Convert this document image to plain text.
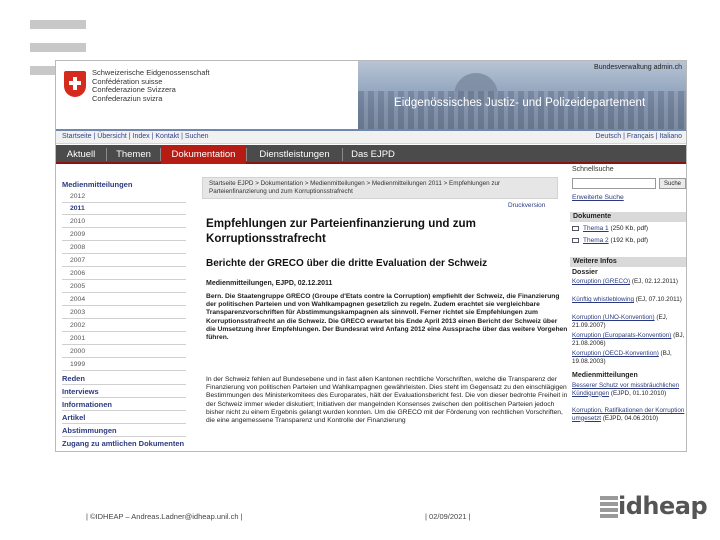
Schweizerische Eidgenossenschaft
Confédération suisse
Confederazione Svizzera
Confederaziun svizra
Bundesverwaltung admin.ch
Eidgenössisches Justiz- und Polizeidepartement
Startseite | Übersicht | Index | Kontakt | Suchen	Deutsch | Français | Italiano
Aktuell	Themen	Dokumentation	Dienstleistungen	Das EJPD
Medienmitteilungen
2012
2011
2010
2009
2008
2007
2006
2005
2004
2003
2002
2001
2000
1999
Reden
Interviews
Informationen
Artikel
Abstimmungen
Zugang zu amtlichen Dokumenten
Startseite EJPD > Dokumentation > Medienmitteilungen > Medienmitteilungen 2011 > Empfehlungen zur Parteienfinanzierung und zum Korruptionsstrafrecht
Druckversion
Empfehlungen zur Parteienfinanzierung und zum Korruptionsstrafrecht
Berichte der GRECO über die dritte Evaluation der Schweiz
Medienmitteilungen, EJPD, 02.12.2011
Bern. Die Staatengruppe GRECO (Groupe d'Etats contre la Corruption) empfiehlt der Schweiz, die Finanzierung der politischen Parteien und von Wahlkampagnen gesetzlich zu regeln. Zudem erachtet sie vergleichbare Transparenzvorschriften für Abstimmungskampagnen als sinnvoll. Ferner richtet sie Empfehlungen zum Korruptionsstrafrecht an die Schweiz. Die GRECO erwartet bis Ende April 2013 einen Bericht der Schweiz über die Umsetzung ihrer Empfehlungen. Der Bundesrat wird Anfang 2012 eine Aussprache über das weitere Vorgehen führen.
In der Schweiz fehlen auf Bundesebene und in fast allen Kantonen rechtliche Vorschriften, welche die Transparenz der Finanzierung von politischen Parteien und Wahlkampagnen gewährleisten. Dies steht im Gegensatz zu den einschlägigen Bestimmungen des Ministerkomitees des Europarates, hält der Evaluationsbericht fest. Die von dieser bedrohte Freiheit in der Schweiz immer wieder diskutiert; Initiativen der mangelnden Konsenses zwischen den politischen Parteien jedoch bisher nicht zu einem Ergebnis gelangt wurden konnten. Um die GRECO mit der Förderung von rechtlichen Vorschriften, die eine angemessene Transparenz und Kontrolle der Finanzierung
Schnellsuche
Suche
Erweiterte Suche
Dokumente
Thema 1 (250 Kb, pdf)
Thema 2 (192 Kb, pdf)
Weitere Infos
Dossier
Korruption (GRECO) (EJ, 02.12.2011)
Künftig whistleblowing (EJ, 07.10.2011)
Korruption (UNO-Konvention) (EJ, 21.09.2007)
Korruption (Europarats-Konvention) (BJ, 21.08.2006)
Korruption (OECD-Konvention) (BJ, 19.08.2003)
Medienmitteilungen
Besserer Schutz vor missbräuchlichen Kündigungen (EJPD, 01.10.2010)
Korruption, Ratifikationen der Korruption umgesetzt (EJPD, 04.06.2010)
| ©IDHEAP – Andreas.Ladner@idheap.unil.ch |	| 02/09/2021 |	idheap
